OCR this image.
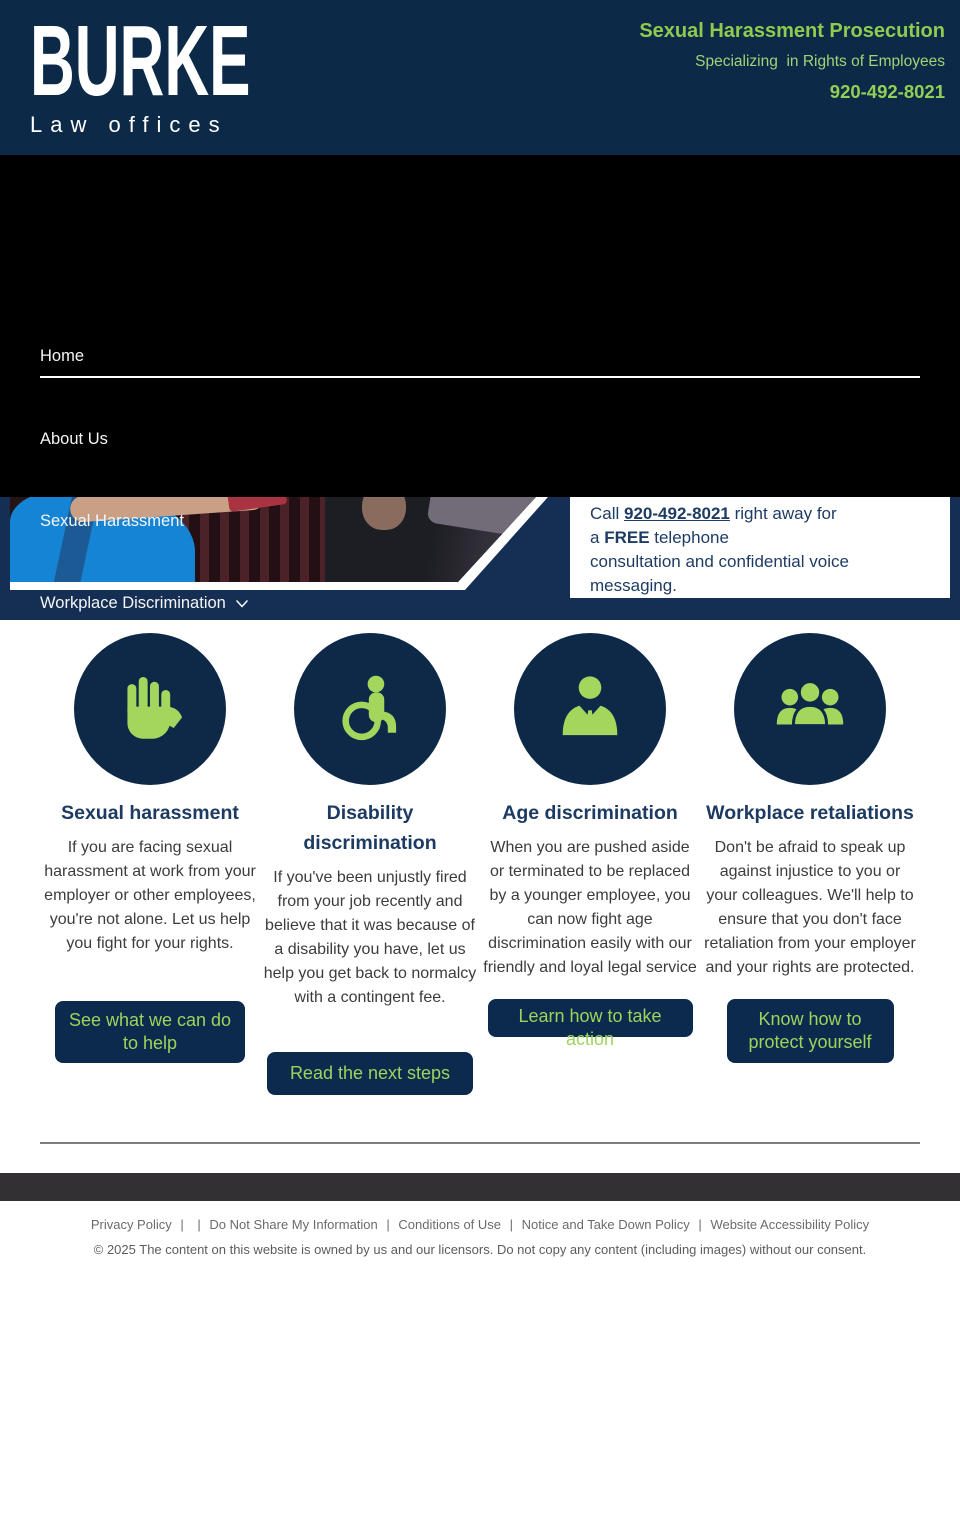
BURKE
Law offices
Sexual Harassment Prosecution
Specializing  in Rights of Employees
920-492-8021
Call 920-492-8021 right away for
a FREE telephone
consultation and confidential voice messaging.
Home
About Us
Sexual Harassment
Workplace Discrimination
Sexual harassment

If you are facing sexual harassment at work from your employer or other employees, you're not alone. Let us help you fight for your rights.

See what we can do to help
Disability discrimination

If you've been unjustly fired from your job recently and believe that it was because of a disability you have, let us help you get back to normalcy with a contingent fee.

Read the next steps
Age discrimination

When you are pushed aside or terminated to be replaced by a younger employee, you can now fight age discrimination easily with our friendly and loyal legal service

Learn how to take action
Workplace retaliations

Don't be afraid to speak up against injustice to you or your colleagues. We'll help to ensure that you don't face retaliation from your employer and your rights are protected.

Know how to protect yourself
Privacy Policy | | Do Not Share My Information | Conditions of Use | Notice and Take Down Policy | Website Accessibility Policy
© 2025 The content on this website is owned by us and our licensors. Do not copy any content (including images) without our consent.
